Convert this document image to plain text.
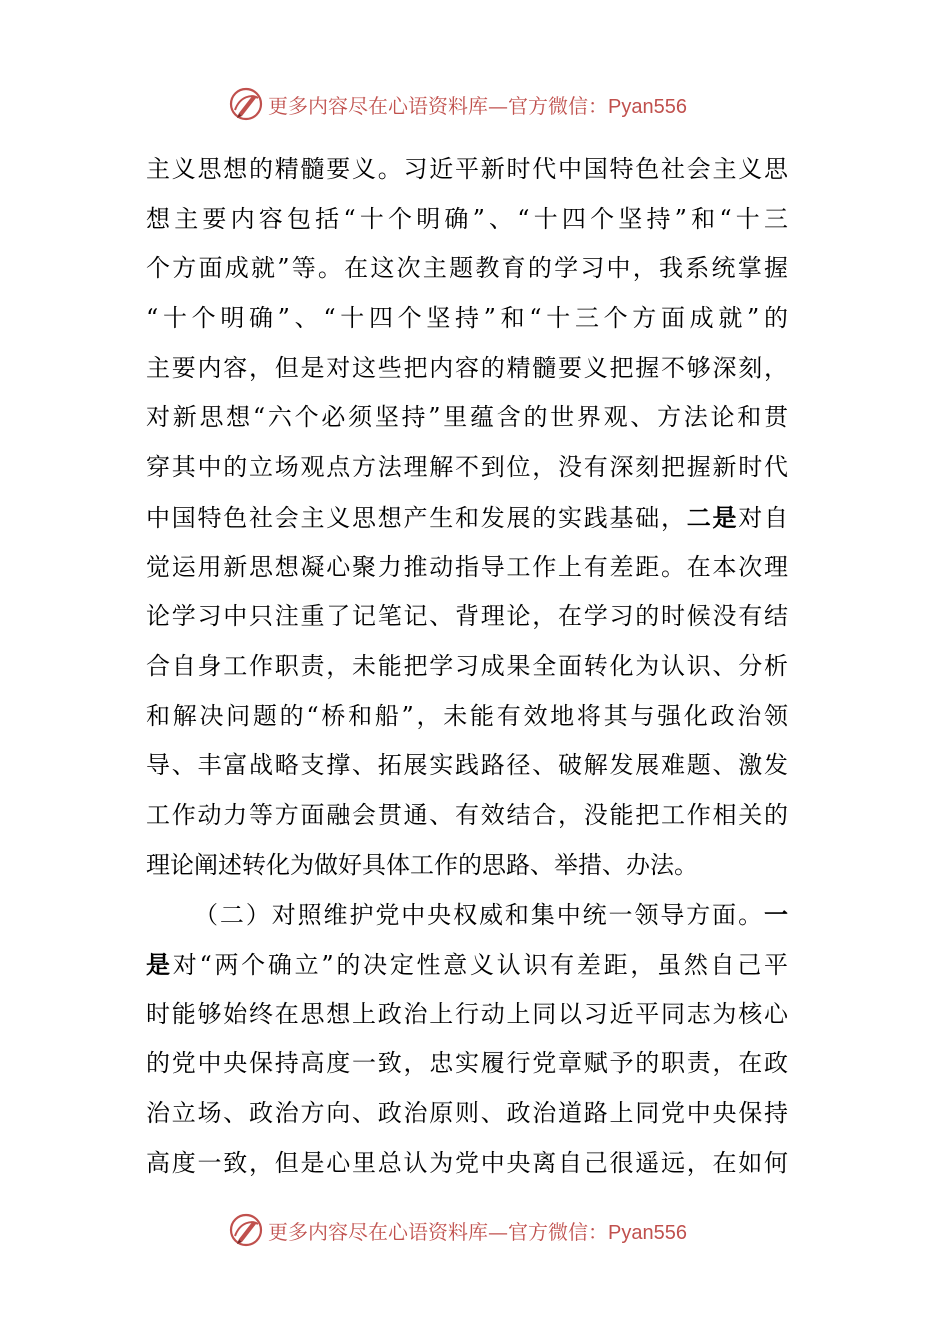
更多内容尽在心语资料库—官方微信：Pyan556
主义思想的精髓要义。习近平新时代中国特色社会主义思
想主要内容包括“十个明确”、“十四个坚持”和“十三
个方面成就”等。在这次主题教育的学习中，我系统掌握
“十个明确”、“十四个坚持”和“十三个方面成就”的
主要内容，但是对这些把内容的精髓要义把握不够深刻，
对新思想“六个必须坚持”里蕴含的世界观、方法论和贯
穿其中的立场观点方法理解不到位，没有深刻把握新时代
中国特色社会主义思想产生和发展的实践基础，二是对自
觉运用新思想凝心聚力推动指导工作上有差距。在本次理
论学习中只注重了记笔记、背理论，在学习的时候没有结
合自身工作职责，未能把学习成果全面转化为认识、分析
和解决问题的“桥和船”，未能有效地将其与强化政治领
导、丰富战略支撑、拓展实践路径、破解发展难题、激发
工作动力等方面融会贯通、有效结合，没能把工作相关的
理论阐述转化为做好具体工作的思路、举措、办法。
（二）对照维护党中央权威和集中统一领导方面。一
是对“两个确立”的决定性意义认识有差距，虽然自己平
时能够始终在思想上政治上行动上同以习近平同志为核心
的党中央保持高度一致，忠实履行党章赋予的职责，在政
治立场、政治方向、政治原则、政治道路上同党中央保持
高度一致，但是心里总认为党中央离自己很遥远，在如何
更多内容尽在心语资料库—官方微信：Pyan556
